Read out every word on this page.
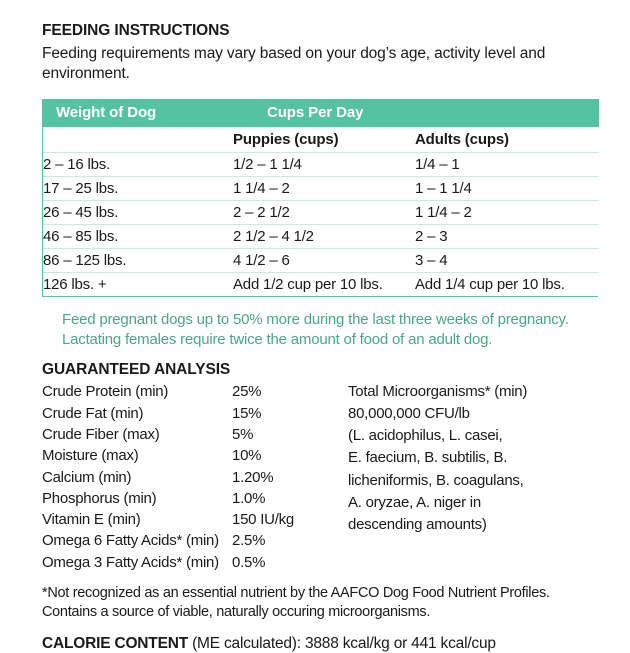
FEEDING INSTRUCTIONS

Feeding requirements may vary based on your dog’s age, activity level and environment.

Weight of Dog	Cups Per Day	
	Puppies (cups)	Adults (cups)
2 – 16 lbs.	1/2 – 1 1/4	1/4 – 1
17 – 25 lbs.	1 1/4 – 2	1 – 1 1/4
26 – 45 lbs.	2 – 2 1/2	1 1/4 – 2
46 – 85 lbs.	2 1/2 – 4 1/2	2 – 3
86 – 125 lbs.	4 1/2 – 6	3 – 4
126 lbs. +	Add 1/2 cup per 10 lbs.	Add 1/4 cup per 10 lbs.
Feed pregnant dogs up to 50% more during the last three weeks of pregnancy.
Lactating females require twice the amount of food of an adult dog.
GUARANTEED ANALYSIS
Crude Protein (min)	25%
Crude Fat (min)	15%
Crude Fiber (max)	5%
Moisture (max)	10%
Calcium (min)	1.20%
Phosphorus (min)	1.0%
Vitamin E (min)	150 IU/kg
Omega 6 Fatty Acids* (min) 2.5%
Omega 3 Fatty Acids* (min) 0.5%
Total Microorganisms* (min)
80,000,000 CFU/lb
(L. acidophilus, L. casei,
E. faecium, B. subtilis, B.
licheniformis, B. coagulans,
A. oryzae, A. niger in
descending amounts)
*Not recognized as an essential nutrient by the AAFCO Dog Food Nutrient Profiles.
Contains a source of viable, naturally occuring microorganisms.
CALORIE CONTENT (ME calculated): 3888 kcal/kg or 441 kcal/cup
